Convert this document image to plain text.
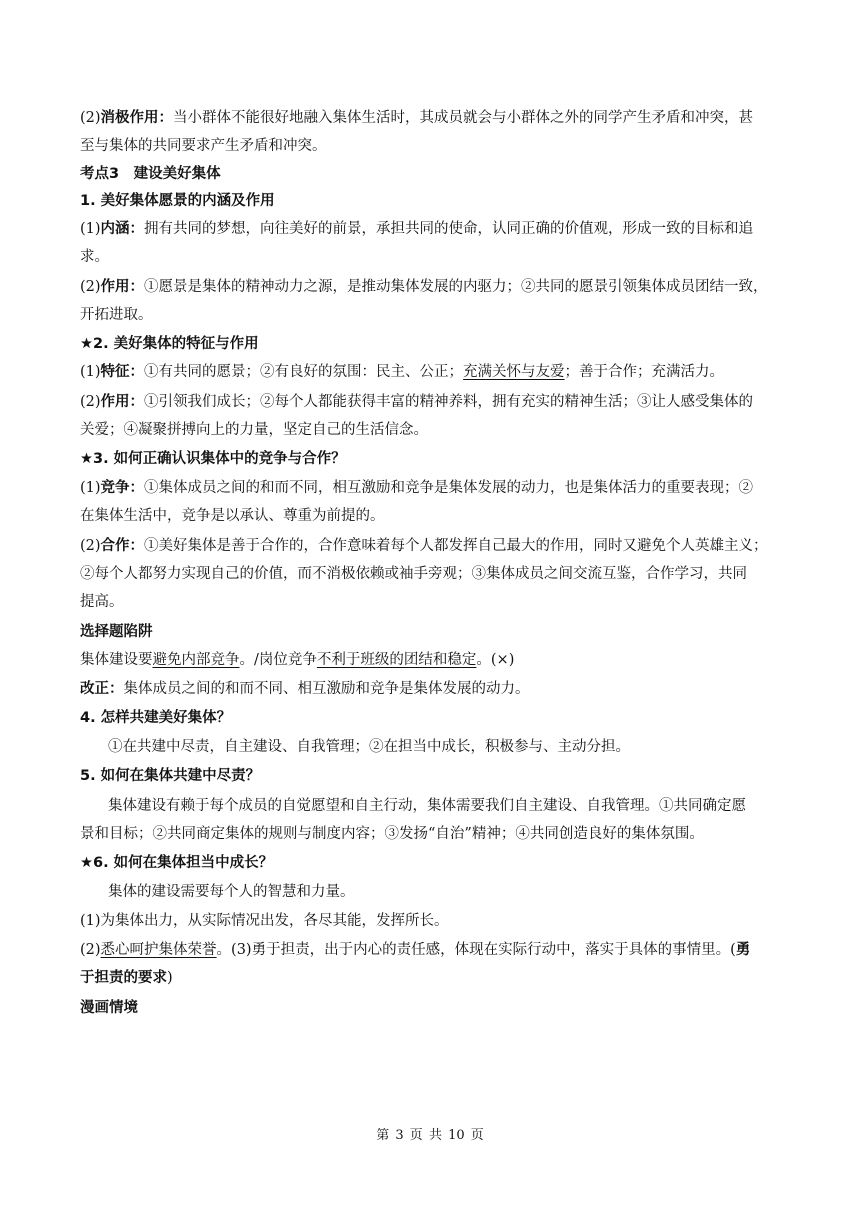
(2)消极作用：当小群体不能很好地融入集体生活时，其成员就会与小群体之外的同学产生矛盾和冲突，甚
至与集体的共同要求产生矛盾和冲突。
考点3　建设美好集体
1. 美好集体愿景的内涵及作用
(1)内涵：拥有共同的梦想，向往美好的前景，承担共同的使命，认同正确的价值观，形成一致的目标和追
求。
(2)作用：①愿景是集体的精神动力之源，是推动集体发展的内驱力；②共同的愿景引领集体成员团结一致，
开拓进取。
★2. 美好集体的特征与作用
(1)特征：①有共同的愿景；②有良好的氛围：民主、公正；充满关怀与友爱；善于合作；充满活力。
(2)作用：①引领我们成长；②每个人都能获得丰富的精神养料，拥有充实的精神生活；③让人感受集体的
关爱；④凝聚拼搏向上的力量，坚定自己的生活信念。
★3. 如何正确认识集体中的竞争与合作？
(1)竞争：①集体成员之间的和而不同，相互激励和竞争是集体发展的动力，也是集体活力的重要表现；②
在集体生活中，竞争是以承认、尊重为前提的。
(2)合作：①美好集体是善于合作的，合作意味着每个人都发挥自己最大的作用，同时又避免个人英雄主义；
②每个人都努力实现自己的价值，而不消极依赖或袖手旁观；③集体成员之间交流互鉴，合作学习，共同
提高。
选择题陷阱
集体建设要避免内部竞争。/岗位竞争不利于班级的团结和稳定。(×)
改正：集体成员之间的和而不同、相互激励和竞争是集体发展的动力。
4. 怎样共建美好集体？
①在共建中尽责，自主建设、自我管理；②在担当中成长，积极参与、主动分担。
5. 如何在集体共建中尽责？
集体建设有赖于每个成员的自觉愿望和自主行动，集体需要我们自主建设、自我管理。①共同确定愿
景和目标；②共同商定集体的规则与制度内容；③发扬“自治”精神；④共同创造良好的集体氛围。
★6. 如何在集体担当中成长？
集体的建设需要每个人的智慧和力量。
(1)为集体出力，从实际情况出发，各尽其能，发挥所长。
(2)悉心呵护集体荣誉。(3)勇于担责，出于内心的责任感，体现在实际行动中，落实于具体的事情里。(勇
于担责的要求)
漫画情境
第 3 页 共 10 页
